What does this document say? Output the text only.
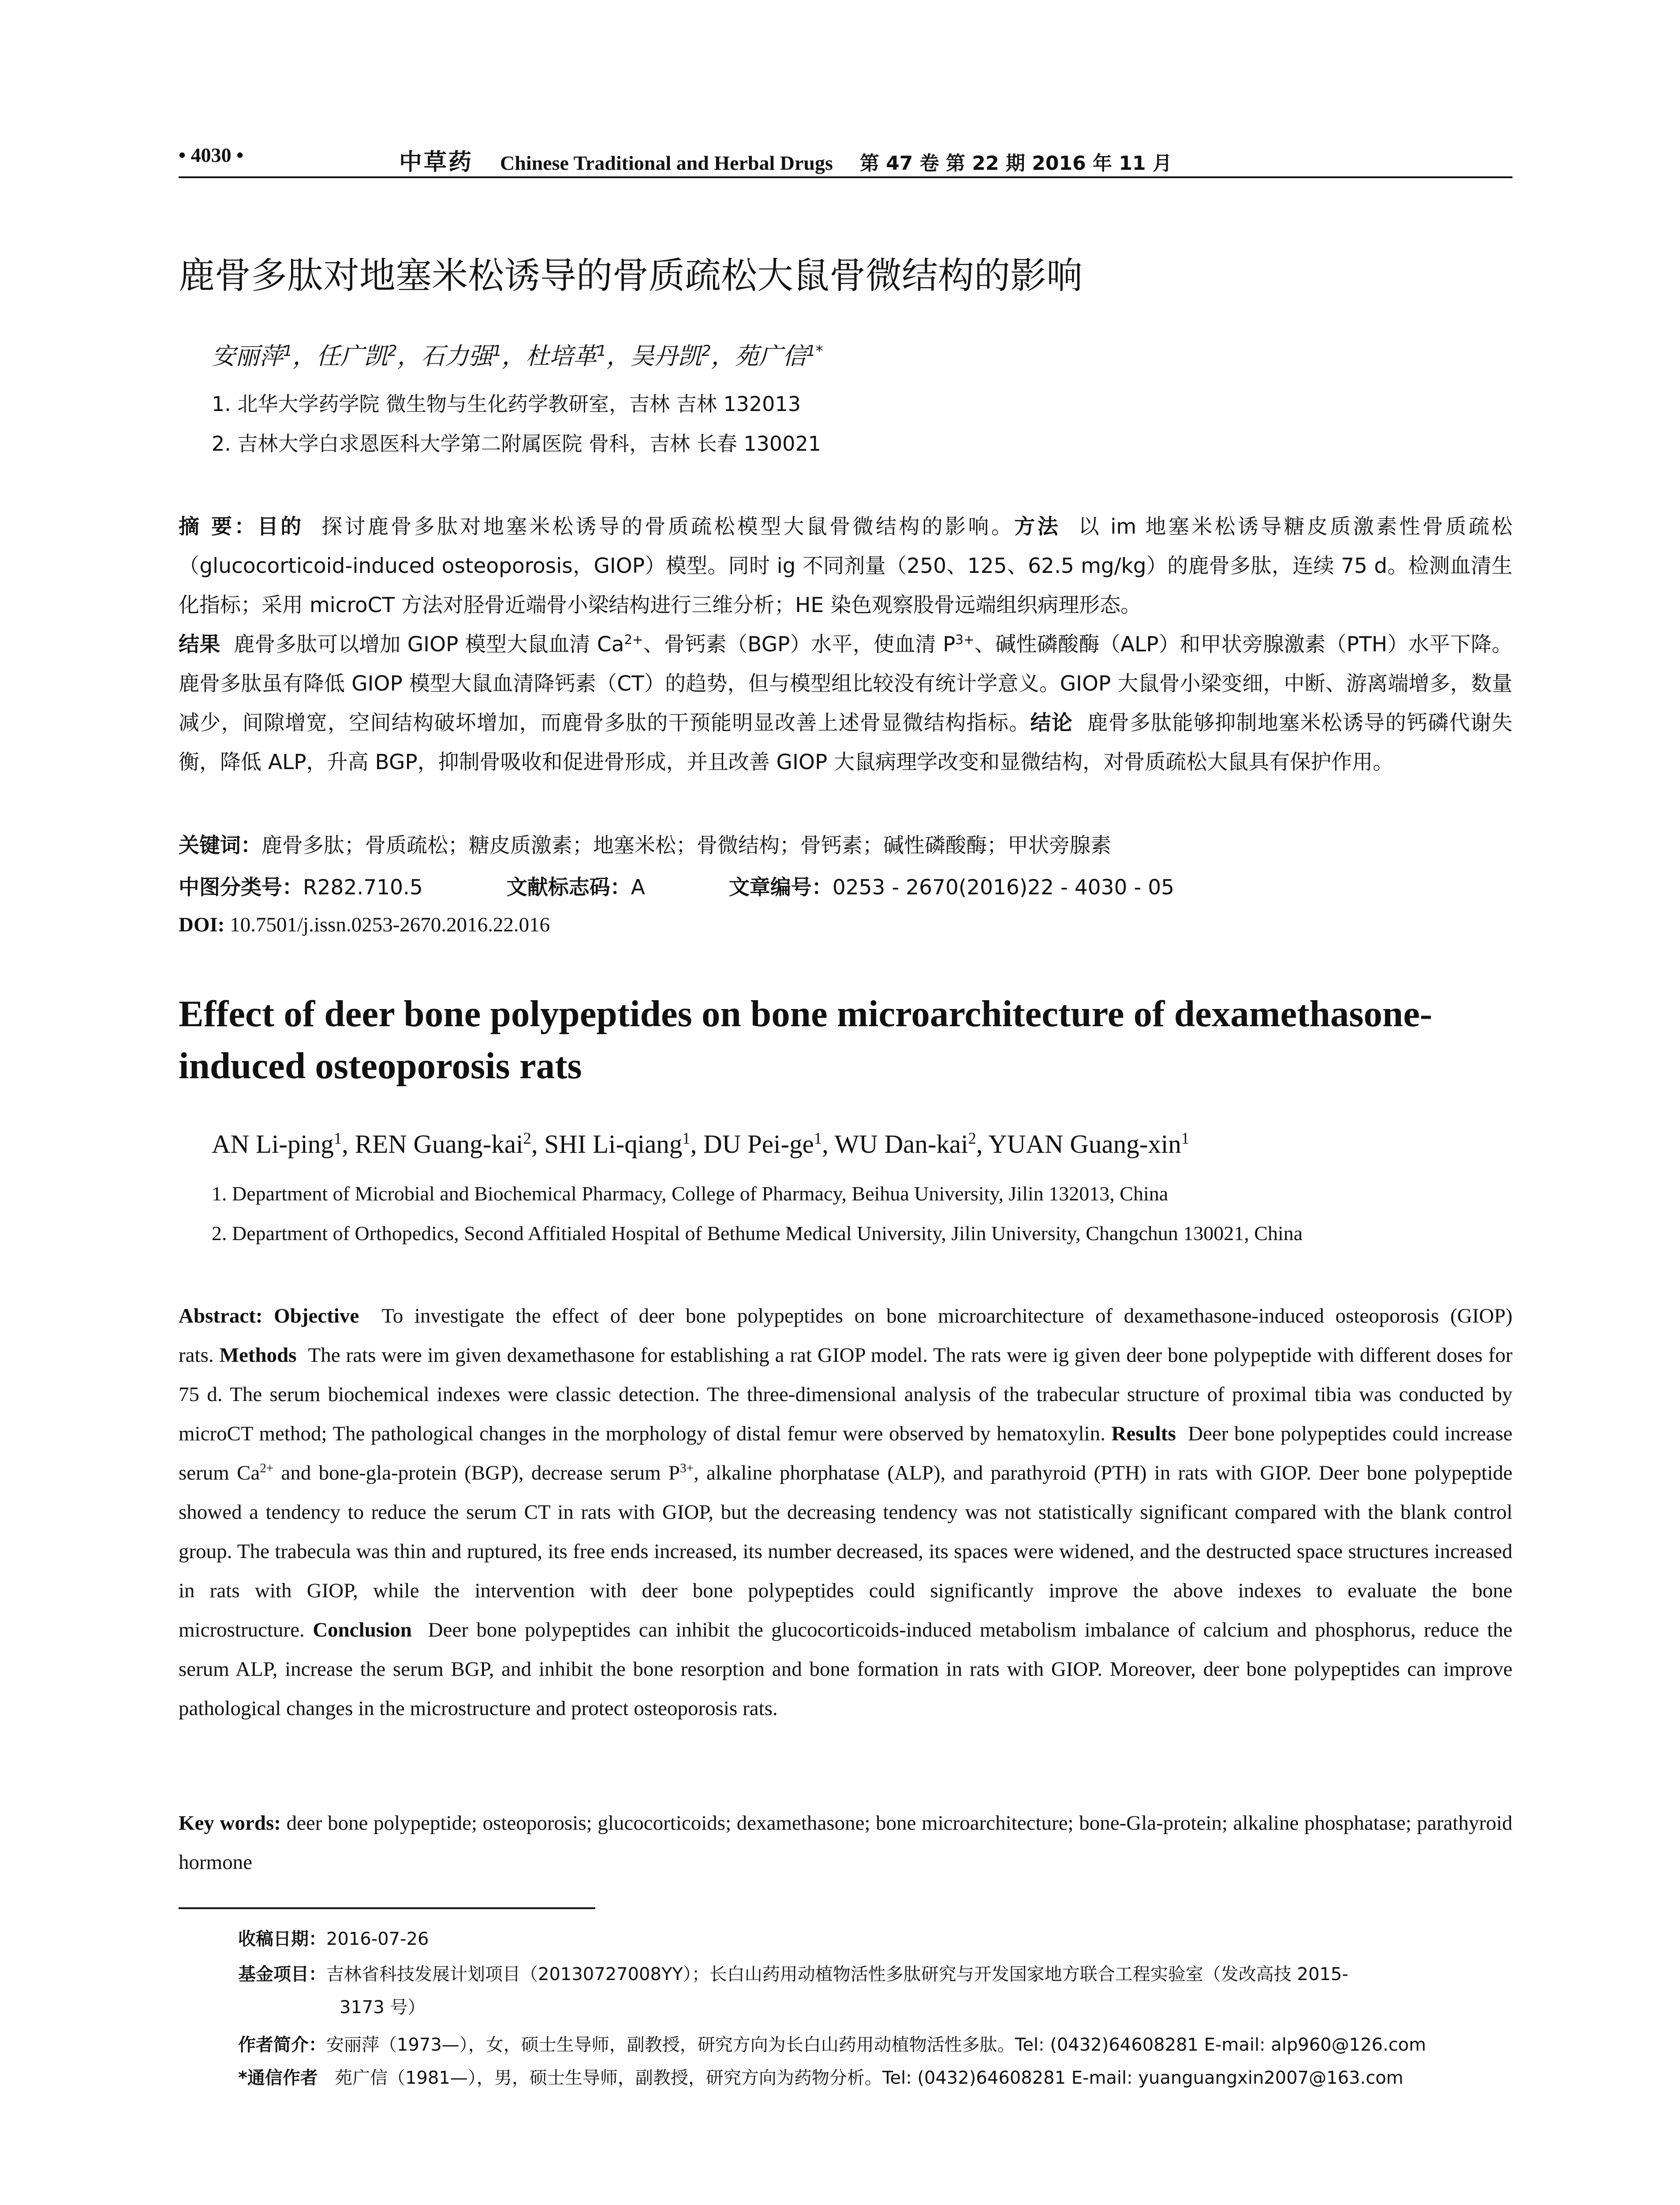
• 4030 •	中草药 Chinese Traditional and Herbal Drugs 第 47 卷 第 22 期 2016 年 11 月
鹿骨多肽对地塞米松诱导的骨质疏松大鼠骨微结构的影响
安丽萍$^1$，任广凯$^2$，石力强$^1$，杜培革$^1$，吴丹凯$^2$，苑广信$^{1*}$
1. 北华大学药学院 微生物与生化药学教研室，吉林 吉林 132013
2. 吉林大学白求恩医科大学第二附属医院 骨科，吉林 长春 130021
摘 要：目的 探讨鹿骨多肽对地塞米松诱导的骨质疏松模型大鼠骨微结构的影响。方法 以 im 地塞米松诱导糖皮质激素性骨质疏松（glucocorticoid-induced osteoporosis，GIOP）模型。同时 ig 不同剂量（250、125、62.5 mg/kg）的鹿骨多肽，连续 75 d。检测血清生化指标；采用 microCT 方法对胫骨近端骨小梁结构进行三维分析；HE 染色观察股骨远端组织病理形态。
结果 鹿骨多肽可以增加 GIOP 模型大鼠血清 $Ca^{2+}$、骨钙素（BGP）水平，使血清 $P^{3+}$、碱性磷酸酶（ALP）和甲状旁腺激素（PTH）水平下降。鹿骨多肽虽有降低 GIOP 模型大鼠血清降钙素（CT）的趋势，但与模型组比较没有统计学意义。GIOP 大鼠骨小梁变细，中断、游离端增多，数量减少，间隙增宽，空间结构破坏增加，而鹿骨多肽的干预能明显改善上述骨显微结构指标。结论 鹿骨多肽能够抑制地塞米松诱导的钙磷代谢失衡，降低 ALP，升高 BGP，抑制骨吸收和促进骨形成，并且改善 GIOP 大鼠病理学改变和显微结构，对骨质疏松大鼠具有保护作用。
关键词：鹿骨多肽；骨质疏松；糖皮质激素；地塞米松；骨微结构；骨钙素；碱性磷酸酶；甲状旁腺素
中图分类号：R282.710.5	文献标志码：A	文章编号：0253 - 2670(2016)22 - 4030 - 05
DOI: 10.7501/j.issn.0253-2670.2016.22.016
Effect of deer bone polypeptides on bone microarchitecture of dexamethasone-induced osteoporosis rats
AN Li-ping$^1$, REN Guang-kai$^2$, SHI Li-qiang$^1$, DU Pei-$ge^1$, WU Dan-kai$^2$, YUAN Guang-xin$^1$
1. Department of Microbial and Biochemical Pharmacy, College of Pharmacy, Beihua University, Jilin 132013, China
2. Department of Orthopedics, Second Affitialed Hospital of Bethume Medical University, Jilin University, Changchun 130021, China
Abstract: Objective To investigate the effect of deer bone polypeptides on bone microarchitecture of dexamethasone-induced osteoporosis (GIOP) rats. Methods The rats were im given dexamethasone for establishing a rat GIOP model. The rats were ig given deer bone polypeptide with different doses for 75 d. The serum biochemical indexes were classic detection. The three-dimensional analysis of the trabecular structure of proximal tibia was conducted by microCT method; The pathological changes in the morphology of distal femur were observed by hematoxylin. Results Deer bone polypeptides could increase serum $Ca^{2+}$ and bone-gla-protein (BGP), decrease serum $P^{3+}$, alkaline phorphatase (ALP), and parathyroid (PTH) in rats with GIOP. Deer bone polypeptide showed a tendency to reduce the serum CT in rats with GIOP, but the decreasing tendency was not statistically significant compared with the blank control group. The trabecula was thin and ruptured, its free ends increased, its number decreased, its spaces were widened, and the destructed space structures increased in rats with GIOP, while the intervention with deer bone polypeptides could significantly improve the above indexes to evaluate the bone microstructure. Conclusion Deer bone polypeptides can inhibit the glucocorticoids-induced metabolism imbalance of calcium and phosphorus, reduce the serum ALP, increase the serum BGP, and inhibit the bone resorption and bone formation in rats with GIOP. Moreover, deer bone polypeptides can improve pathological changes in the microstructure and protect osteoporosis rats.
Key words: deer bone polypeptide; osteoporosis; glucocorticoids; dexamethasone; bone microarchitecture; bone-Gla-protein; alkaline phosphatase; parathyroid hormone
收稿日期：2016-07-26
基金项目：吉林省科技发展计划项目（20130727008YY）；长白山药用动植物活性多肽研究与开发国家地方联合工程实验室（发改高技 2015-
3173 号）
作者简介：安丽萍（1973—），女，硕士生导师，副教授，研究方向为长白山药用动植物活性多肽。Tel: (0432)64608281 E-mail: alp960@126.com
*通信作者 苑广信（1981—），男，硕士生导师，副教授，研究方向为药物分析。Tel: (0432)64608281 E-mail: yuanguangxin2007@163.com
